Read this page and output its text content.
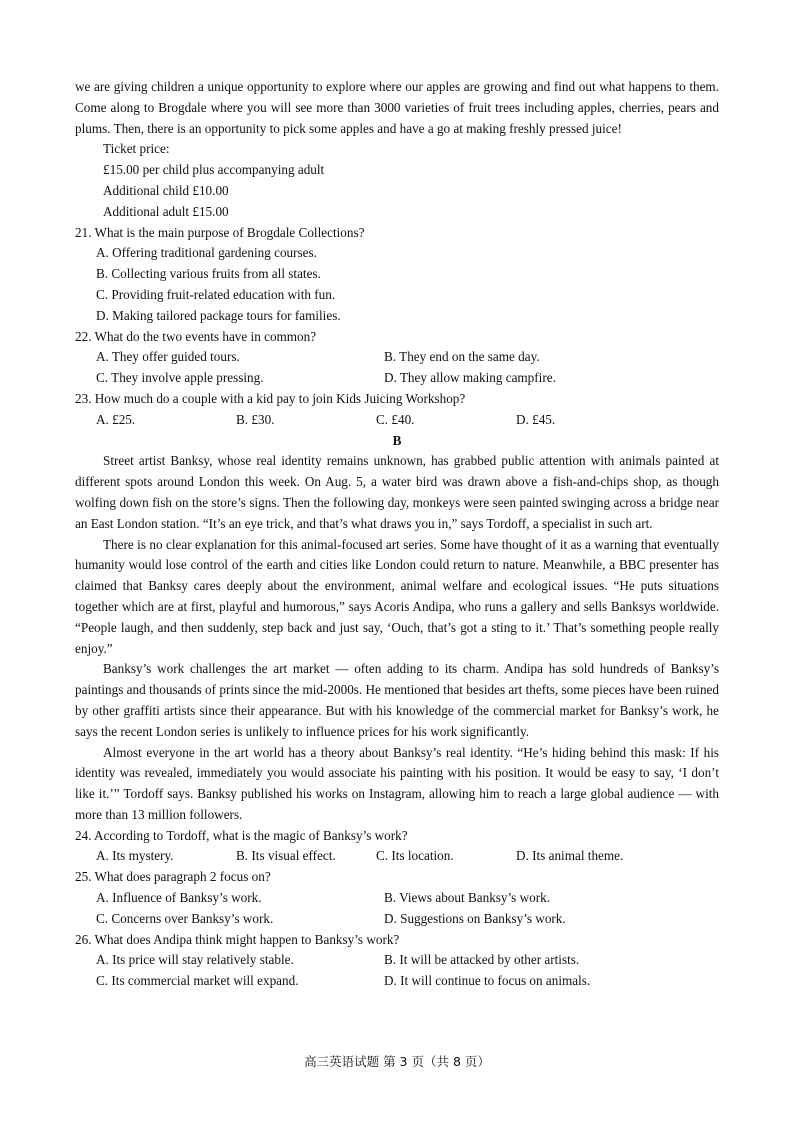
we are giving children a unique opportunity to explore where our apples are growing and find out what happens to them. Come along to Brogdale where you will see more than 3000 varieties of fruit trees including apples, cherries, pears and plums. Then, there is an opportunity to pick some apples and have a go at making freshly pressed juice!

Ticket price:

£15.00 per child plus accompanying adult

Additional child £10.00

Additional adult £15.00

21. What is the main purpose of Brogdale Collections?

A. Offering traditional gardening courses.

B. Collecting various fruits from all states.

C. Providing fruit-related education with fun.

D. Making tailored package tours for families.

22. What do the two events have in common?

A. They offer guided tours.	B. They end on the same day.

C. They involve apple pressing.	D. They allow making campfire.

23. How much do a couple with a kid pay to join Kids Juicing Workshop?

A. £25.	B. £30.	C. £40.	D. £45.

B

Street artist Banksy, whose real identity remains unknown, has grabbed public attention with animals painted at different spots around London this week. On Aug. 5, a water bird was drawn above a fish-and-chips shop, as though wolfing down fish on the store’s signs. Then the following day, monkeys were seen painted swinging across a bridge near an East London station. “It’s an eye trick, and that’s what draws you in,” says Tordoff, a specialist in such art.

There is no clear explanation for this animal-focused art series. Some have thought of it as a warning that eventually humanity would lose control of the earth and cities like London could return to nature. Meanwhile, a BBC presenter has claimed that Banksy cares deeply about the environment, animal welfare and ecological issues. “He puts situations together which are at first, playful and humorous,” says Acoris Andipa, who runs a gallery and sells Banksys worldwide. “People laugh, and then suddenly, step back and just say, ‘Ouch, that’s got a sting to it.’ That’s something people really enjoy.”

Banksy’s work challenges the art market — often adding to its charm. Andipa has sold hundreds of Banksy’s paintings and thousands of prints since the mid-2000s. He mentioned that besides art thefts, some pieces have been ruined by other graffiti artists since their appearance. But with his knowledge of the commercial market for Banksy’s work, he says the recent London series is unlikely to influence prices for his work significantly.

Almost everyone in the art world has a theory about Banksy’s real identity. “He’s hiding behind this mask: If his identity was revealed, immediately you would associate his painting with his position. It would be easy to say, ‘I don’t like it.’” Tordoff says. Banksy published his works on Instagram, allowing him to reach a large global audience — with more than 13 million followers.

24. According to Tordoff, what is the magic of Banksy’s work?

A. Its mystery.	B. Its visual effect.	C. Its location.	D. Its animal theme.

25. What does paragraph 2 focus on?

A. Influence of Banksy’s work.	B. Views about Banksy’s work.

C. Concerns over Banksy’s work.	D. Suggestions on Banksy’s work.

26. What does Andipa think might happen to Banksy’s work?

A. Its price will stay relatively stable.	B. It will be attacked by other artists.

C. Its commercial market will expand.	D. It will continue to focus on animals.

高三英语试题 第 3 页（共 8 页）
